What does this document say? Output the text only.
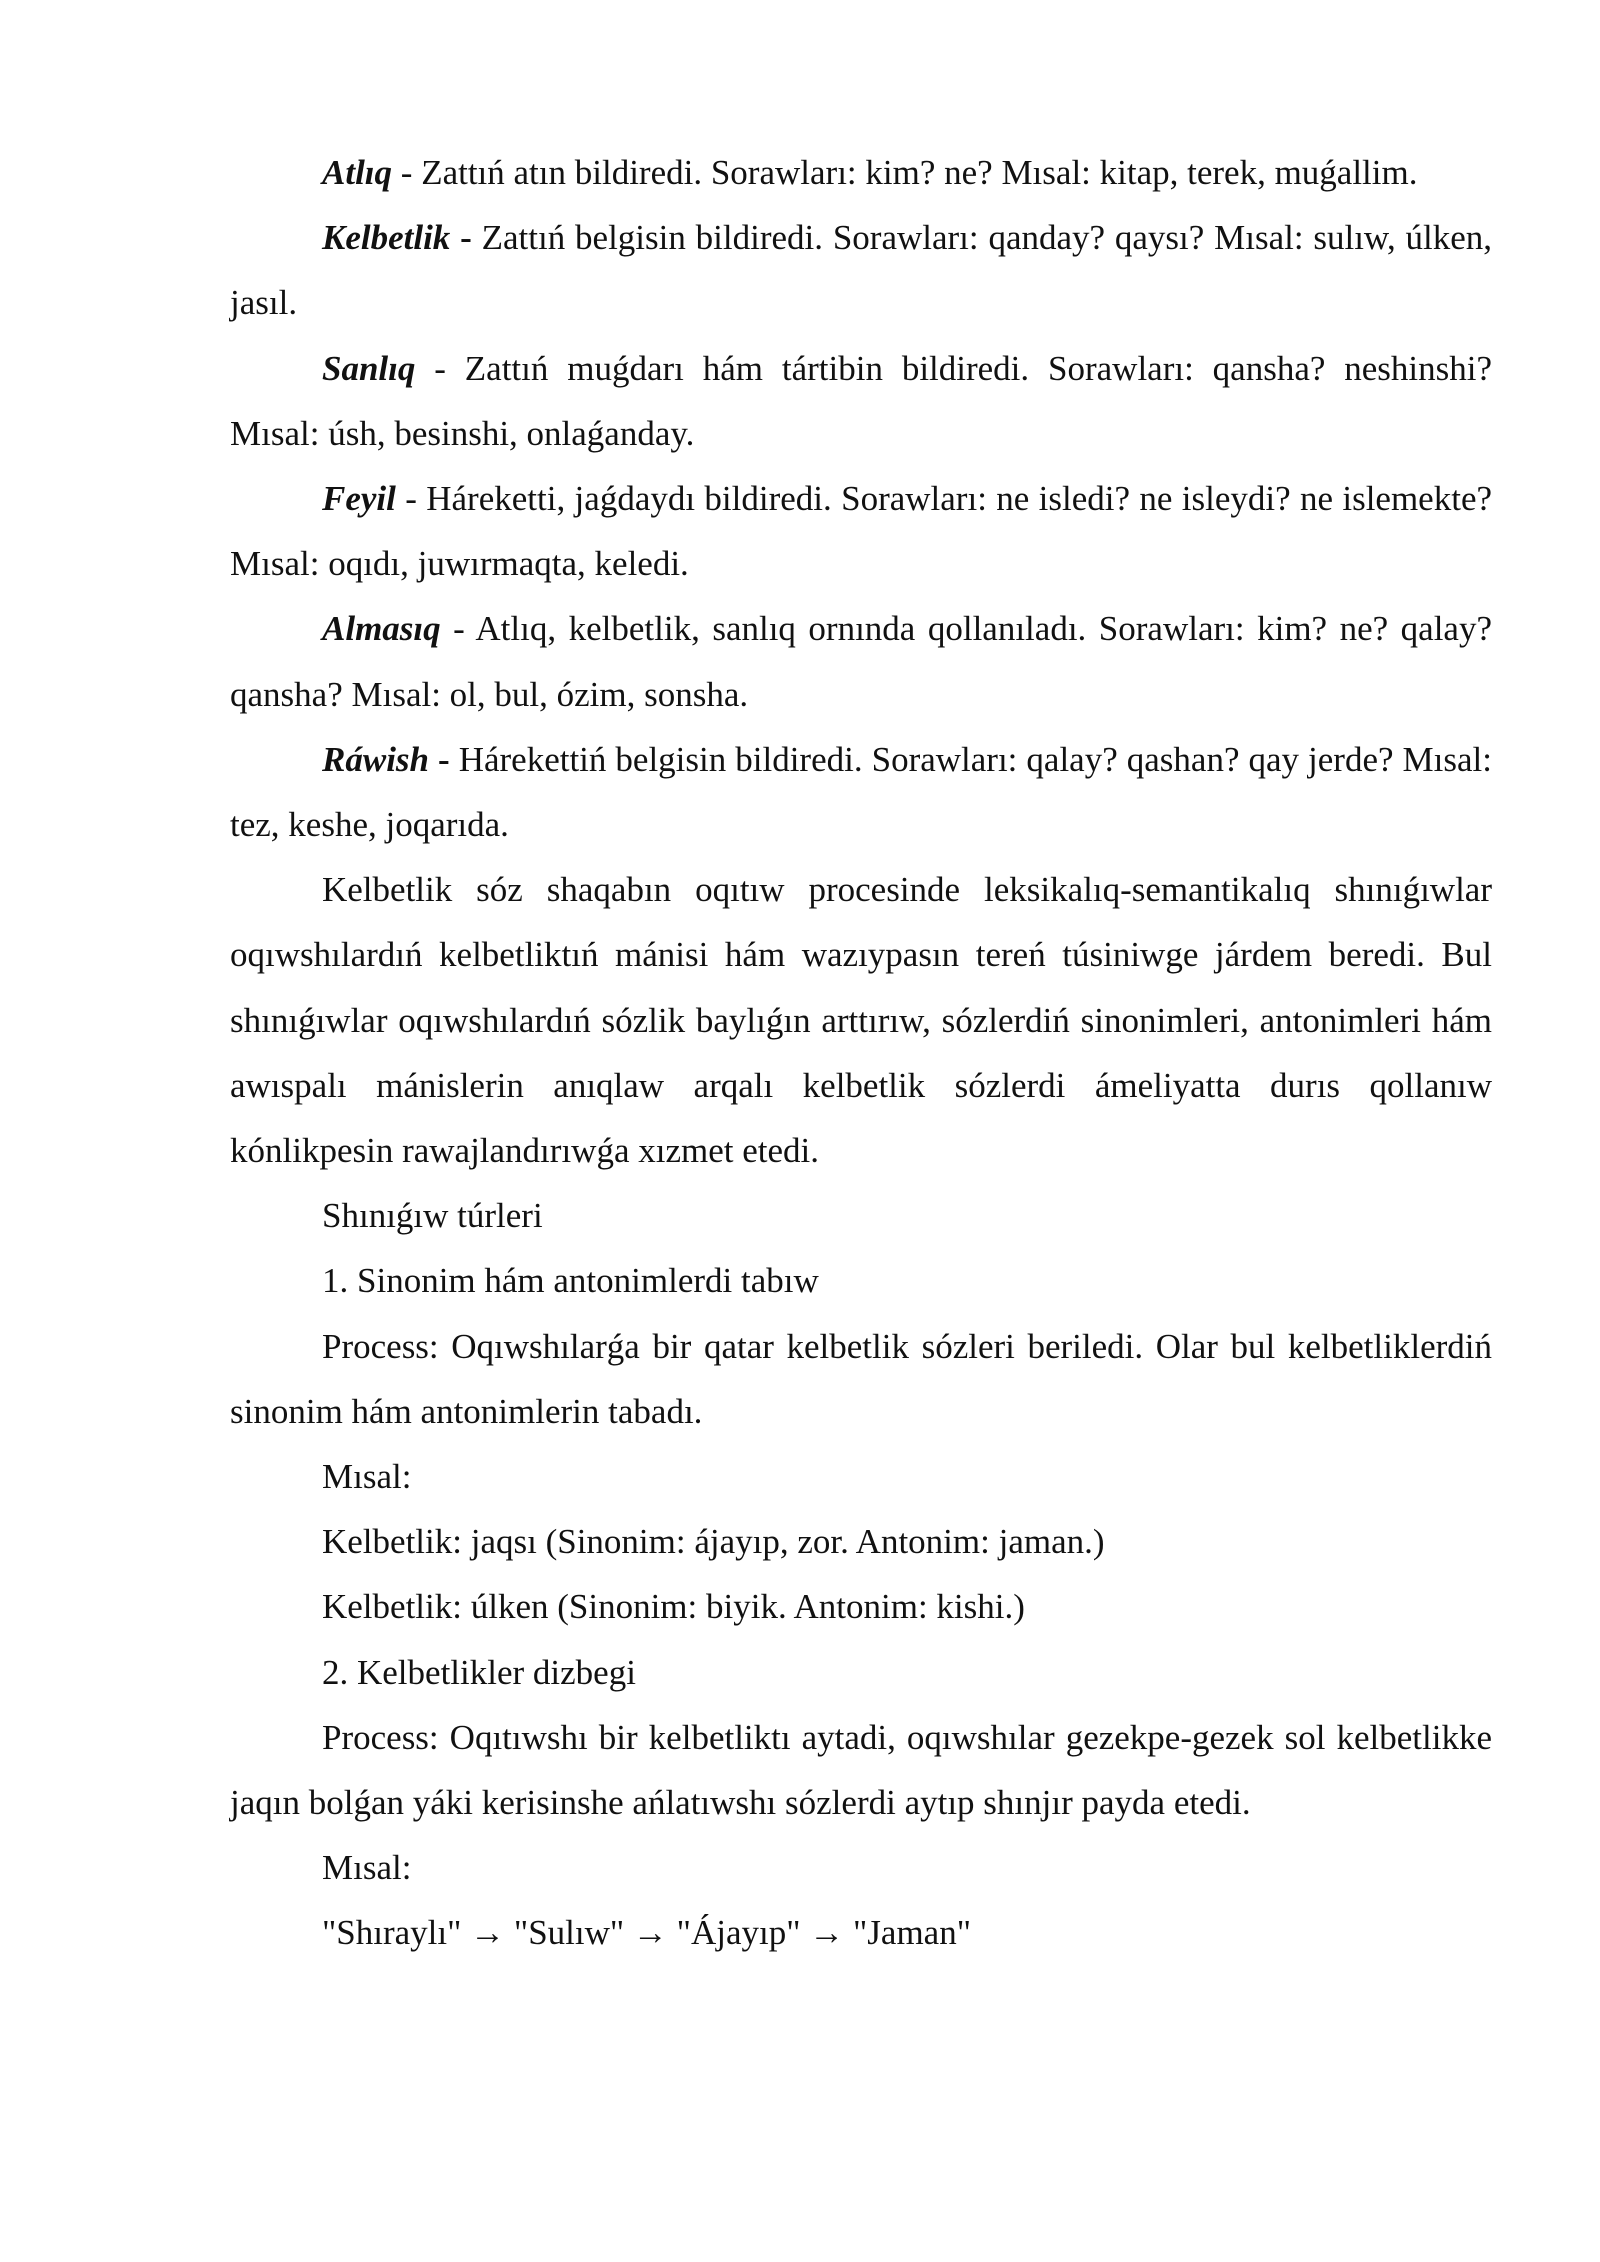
Atlıq - Zattıń atın bildiredi. Sorawları: kim? ne? Mısal: kitap, terek, muǵallim.

Kelbetlik - Zattıń belgisin bildiredi. Sorawları: qanday? qaysı? Mısal: sulıw, úlken, jasıl.

Sanlıq - Zattıń muǵdarı hám tártibin bildiredi. Sorawları: qansha? neshinshi? Mısal: úsh, besinshi, onlaǵanday.

Feyil - Háreketti, jaǵdaydı bildiredi. Sorawları: ne isledi? ne isleydi? ne islemekte? Mısal: oqıdı, juwırmaqta, keledi.

Almasıq - Atlıq, kelbetlik, sanlıq ornında qollanıladı. Sorawları: kim? ne? qalay? qansha? Mısal: ol, bul, ózim, sonsha.

Ráwish - Hárekettiń belgisin bildiredi. Sorawları: qalay? qashan? qay jerde? Mısal: tez, keshe, joqarıda.

Kelbetlik sóz shaqabın oqıtıw procesinde leksikalıq-semantikalıq shınıǵıwlar oqıwshılardıń kelbetliktıń mánisi hám wazıypasın tereń túsiniwge járdem beredi. Bul shınıǵıwlar oqıwshılardıń sózlik baylıǵın arttırıw, sózlerdiń sinonimleri, antonimleri hám awıspalı mánislerin anıqlaw arqalı kelbetlik sózlerdi ámeliyatta durıs qollanıw kónlikpesin rawajlandırıwǵa xızmet etedi.

Shınıǵıw túrleri

1. Sinonim hám antonimlerdi tabıw

Process: Oqıwshılarǵa bir qatar kelbetlik sózleri beriledi. Olar bul kelbetliklerdiń sinonim hám antonimlerin tabadı.

Mısal:

Kelbetlik: jaqsı (Sinonim: ájayıp, zor. Antonim: jaman.)

Kelbetlik: úlken (Sinonim: biyik. Antonim: kishi.)

2. Kelbetlikler dizbegi

Process: Oqıtıwshı bir kelbetliktı aytadi, oqıwshılar gezekpe-gezek sol kelbetlikke jaqın bolǵan yáki kerisinshe ańlatıwshı sózlerdi aytıp shınjır payda etedi.

Mısal:

"Shıraylı" → "Sulıw" → "Ájayıp" → "Jaman"
